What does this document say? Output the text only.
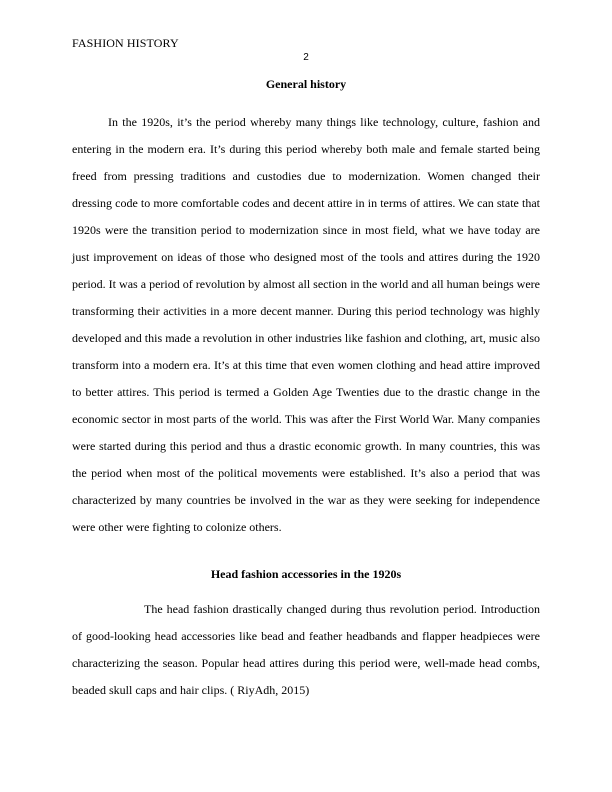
FASHION HISTORY
2
General history

In the 1920s, it’s the period whereby many things like technology, culture, fashion and entering in the modern era. It’s during this period whereby both male and female started being freed from pressing traditions and custodies due to modernization. Women changed their dressing code to more comfortable codes and decent attire in in terms of attires. We can state that 1920s were the transition period to modernization since in most field, what we have today are just improvement on ideas of those who designed most of the tools and attires during the 1920 period. It was a period of revolution by almost all section in the world and all human beings were transforming their activities in a more decent manner. During this period technology was highly developed and this made a revolution in other industries like fashion and clothing, art, music also transform into a modern era. It’s at this time that even women clothing and head attire improved to better attires. This period is termed a Golden Age Twenties due to the drastic change in the economic sector in most parts of the world. This was after the First World War. Many companies were started during this period and thus a drastic economic growth. In many countries, this was the period when most of the political movements were established. It’s also a period that was characterized by many countries be involved in the war as they were seeking for independence were other were fighting to colonize others.

Head fashion accessories in the 1920s

The head fashion drastically changed during thus revolution period. Introduction of good-looking head accessories like bead and feather headbands and flapper headpieces were characterizing the season. Popular head attires during this period were, well-made head combs, beaded skull caps and hair clips. ( RiyAdh, 2015)
